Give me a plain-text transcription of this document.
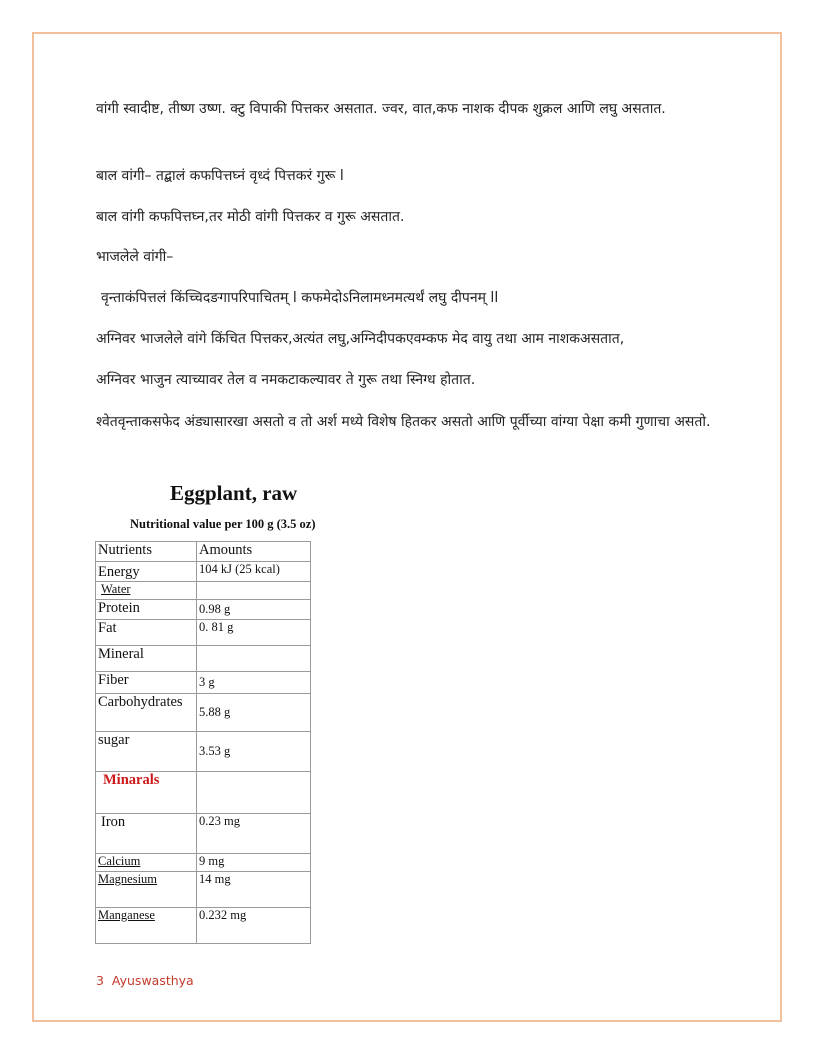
वांगी स्वादीष्ट, तीष्ण उष्ण. क्टु विपाकी पित्तकर असतात. ज्वर, वात,कफ नाशक दीपक शुक्रल आणि लघु असतात.
बाल वांगी– तद्बालं कफपित्तघ्नं वृध्दं पित्तकरं गुरू l
बाल वांगी कफपित्तघ्न,तर मोठी वांगी पित्तकर व गुरू असतात.
भाजलेले वांगी–
वृन्ताकंपित्तलं किंच्चिदङगापरिपाचितम् l कफमेदोऽनिलामध्नमत्यर्थं लघु दीपनम् ll
अग्निवर भाजलेले वांगे किंचित पित्तकर,अत्यंत लघु,अग्निदीपकएवम्कफ मेद वायु तथा आम नाशकअसतात,
अग्निवर भाजुन त्याच्यावर तेल व नमकटाकल्यावर ते गुरू तथा स्निग्ध होतात.
श्वेतवृन्ताकसफेद अंड्यासारखा असतो व तो अर्श मध्ये विशेष हितकर असतो आणि पूर्वीच्या वांग्या पेक्षा कमी गुणाचा असतो.
Eggplant, raw
Nutritional value per 100 g (3.5 oz)
Nutrients	Amounts
Energy	104 kJ (25 kcal)
Water	
Protein	0.98 g
Fat	0. 81 g
Mineral	
Fiber	3 g
Carbohydrates	5.88 g
sugar	3.53 g
Minarals	
Iron	0.23 mg
Calcium	9 mg
Magnesium	14 mg
Manganese	0.232 mg
3 Ayuswasthya
